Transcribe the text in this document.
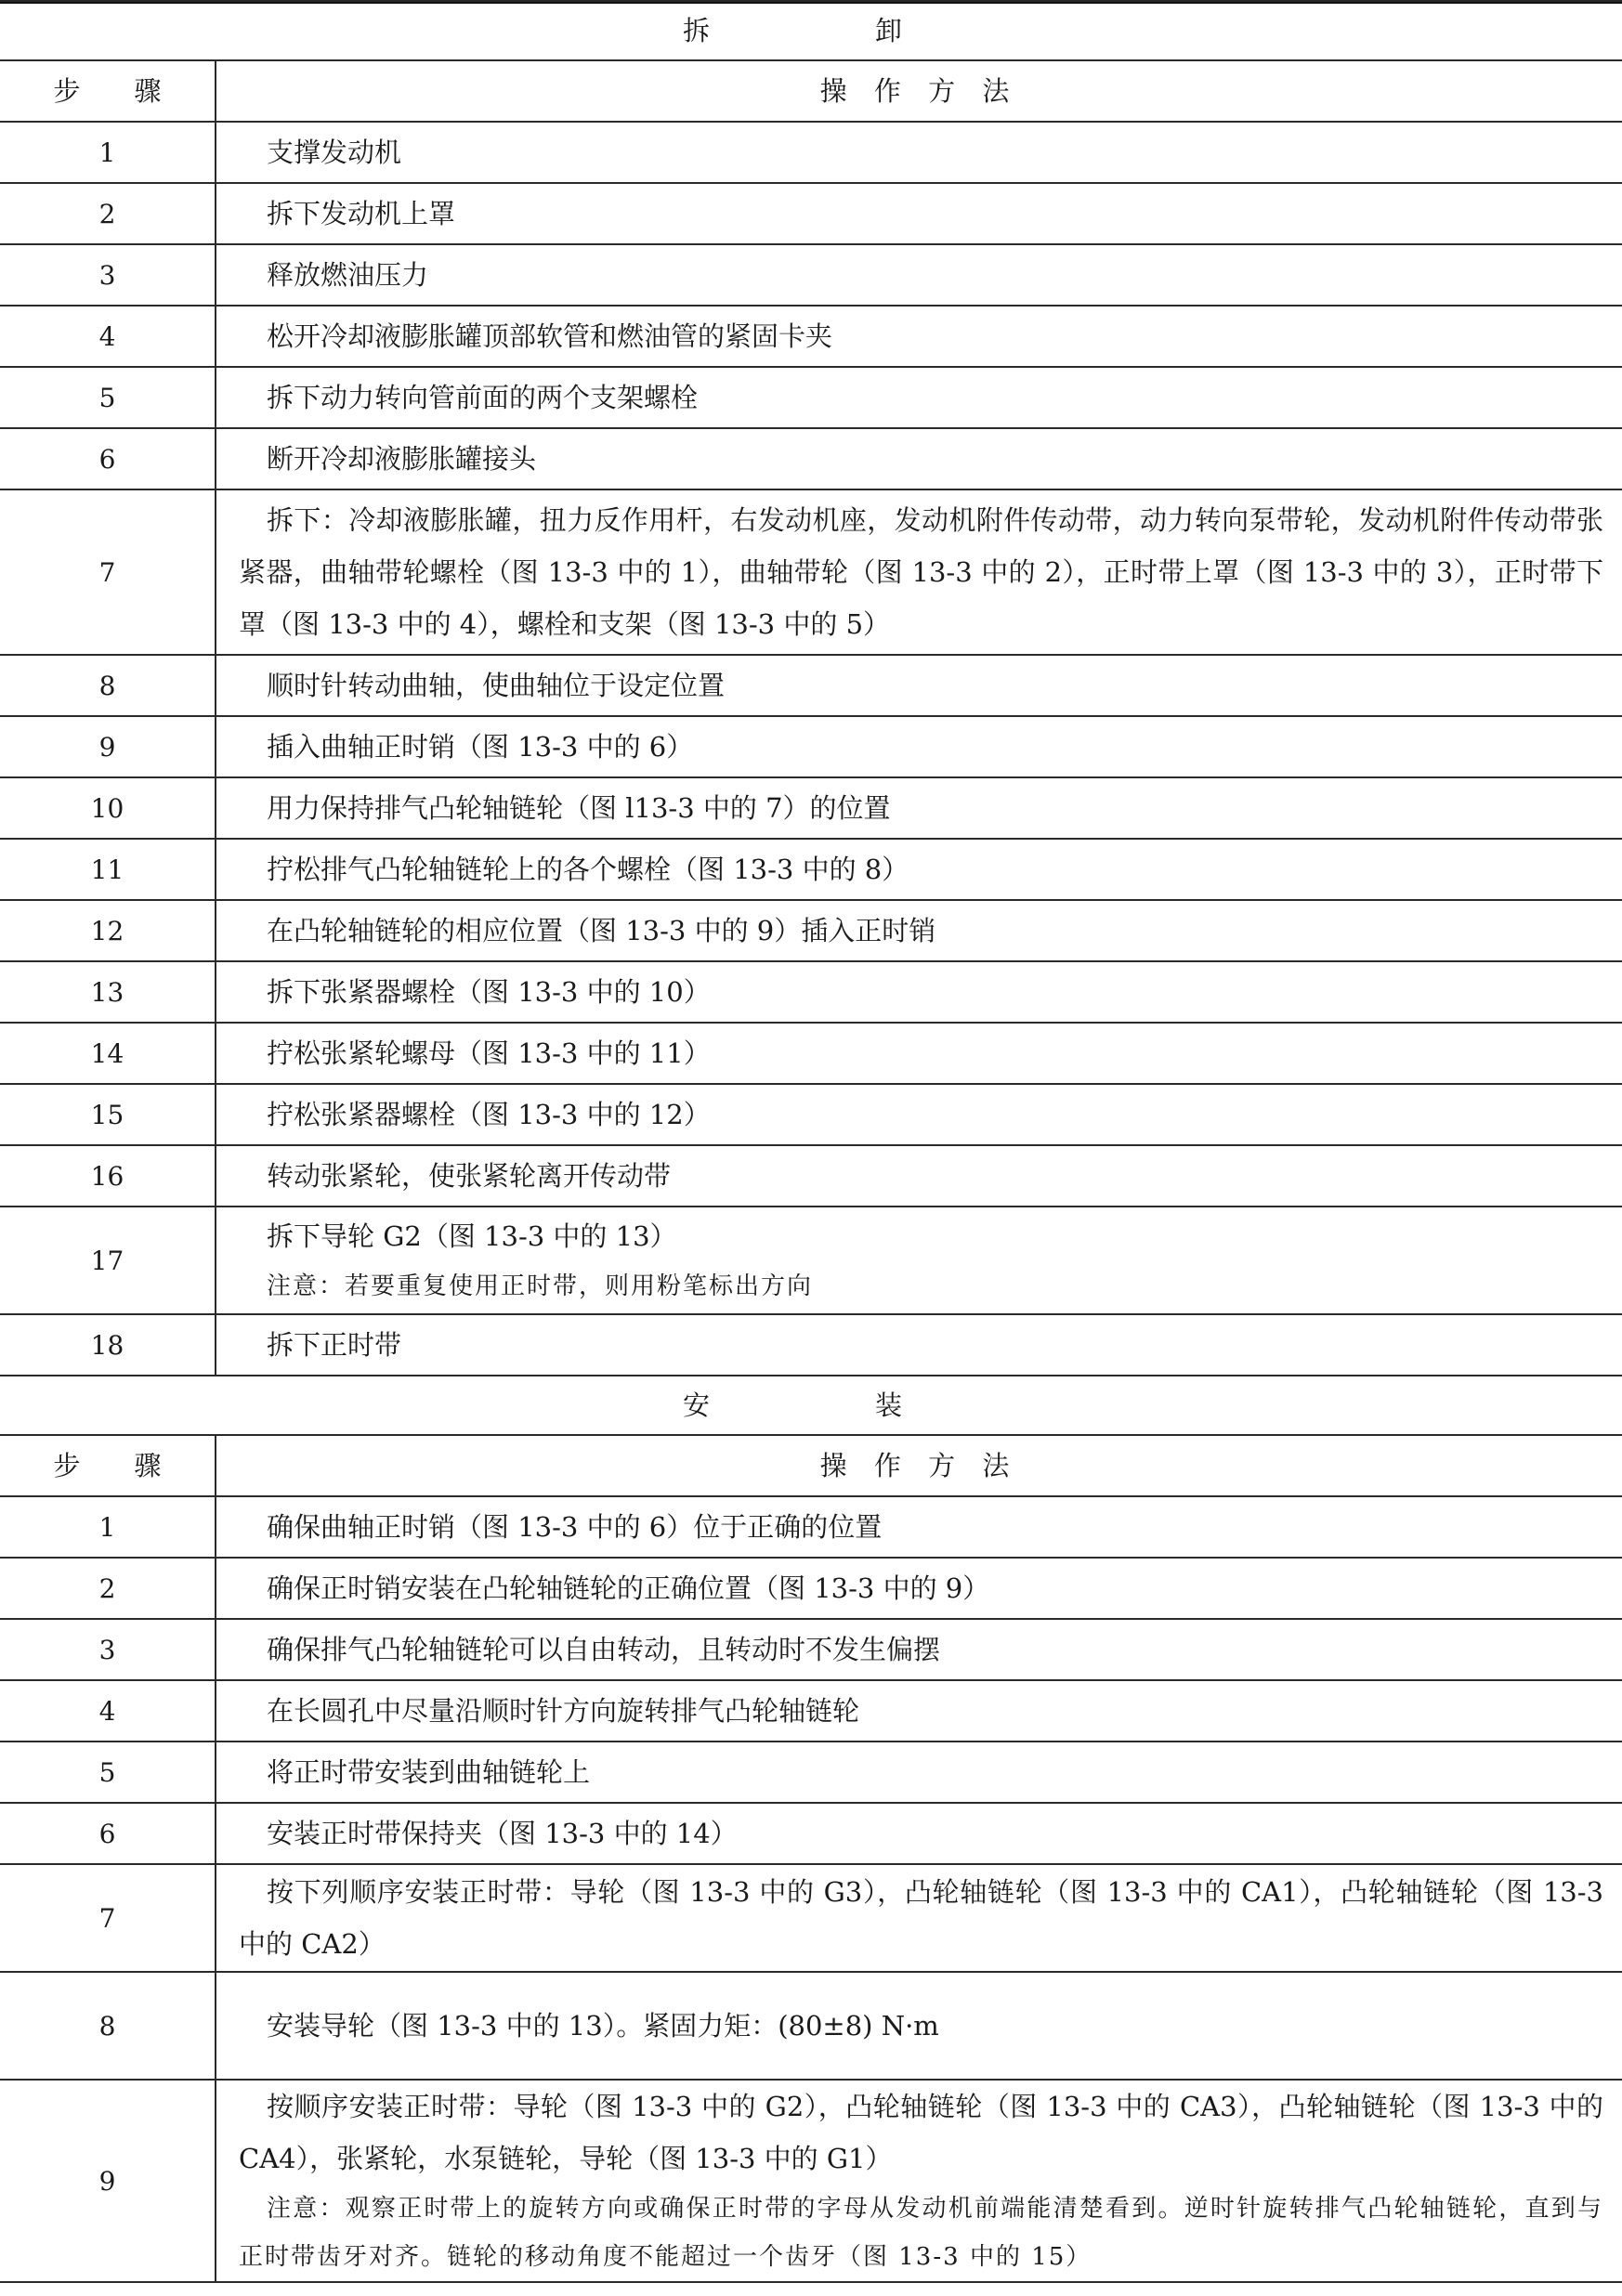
拆　　卸	
步　　骤	操 作 方 法
1	支撑发动机
2	拆下发动机上罩
3	释放燃油压力
4	松开冷却液膨胀罐顶部软管和燃油管的紧固卡夹
5	拆下动力转向管前面的两个支架螺栓
6	断开冷却液膨胀罐接头
7	拆下：冷却液膨胀罐，扭力反作用杆，右发动机座，发动机附件传动带，动力转向泵带轮，发动机附件传动带张紧器，曲轴带轮螺栓（图 13-3 中的 1），曲轴带轮（图 13-3 中的 2），正时带上罩（图 13-3 中的 3），正时带下罩（图 13-3 中的 4），螺栓和支架（图 13-3 中的 5）
8	顺时针转动曲轴，使曲轴位于设定位置
9	插入曲轴正时销（图 13-3 中的 6）
10	用力保持排气凸轮轴链轮（图 l13-3 中的 7）的位置
11	拧松排气凸轮轴链轮上的各个螺栓（图 13-3 中的 8）
12	在凸轮轴链轮的相应位置（图 13-3 中的 9）插入正时销
13	拆下张紧器螺栓（图 13-3 中的 10）
14	拧松张紧轮螺母（图 13-3 中的 11）
15	拧松张紧器螺栓（图 13-3 中的 12）
16	转动张紧轮，使张紧轮离开传动带
17	拆下导轮 G2（图 13-3 中的 13）
注意：若要重复使用正时带，则用粉笔标出方向

18	拆下正时带
安　　装	
步　　骤	操 作 方 法
1	确保曲轴正时销（图 13-3 中的 6）位于正确的位置
2	确保正时销安装在凸轮轴链轮的正确位置（图 13-3 中的 9）
3	确保排气凸轮轴链轮可以自由转动，且转动时不发生偏摆
4	在长圆孔中尽量沿顺时针方向旋转排气凸轮轴链轮
5	将正时带安装到曲轴链轮上
6	安装正时带保持夹（图 13-3 中的 14）
7	按下列顺序安装正时带：导轮（图 13-3 中的 G3），凸轮轴链轮（图 13-3 中的 CA1），凸轮轴链轮（图 13-3 中的 CA2）
8	安装导轮（图 13-3 中的 13）。紧固力矩：(80±8) N·m
9	按顺序安装正时带：导轮（图 13-3 中的 G2），凸轮轴链轮（图 13-3 中的 CA3），凸轮轴链轮（图 13-3 中的 CA4），张紧轮，水泵链轮，导轮（图 13-3 中的 G1）
注意：观察正时带上的旋转方向或确保正时带的字母从发动机前端能清楚看到。逆时针旋转排气凸轮轴链轮，直到与正时带齿牙对齐。链轮的移动角度不能超过一个齿牙（图 13-3 中的 15）
